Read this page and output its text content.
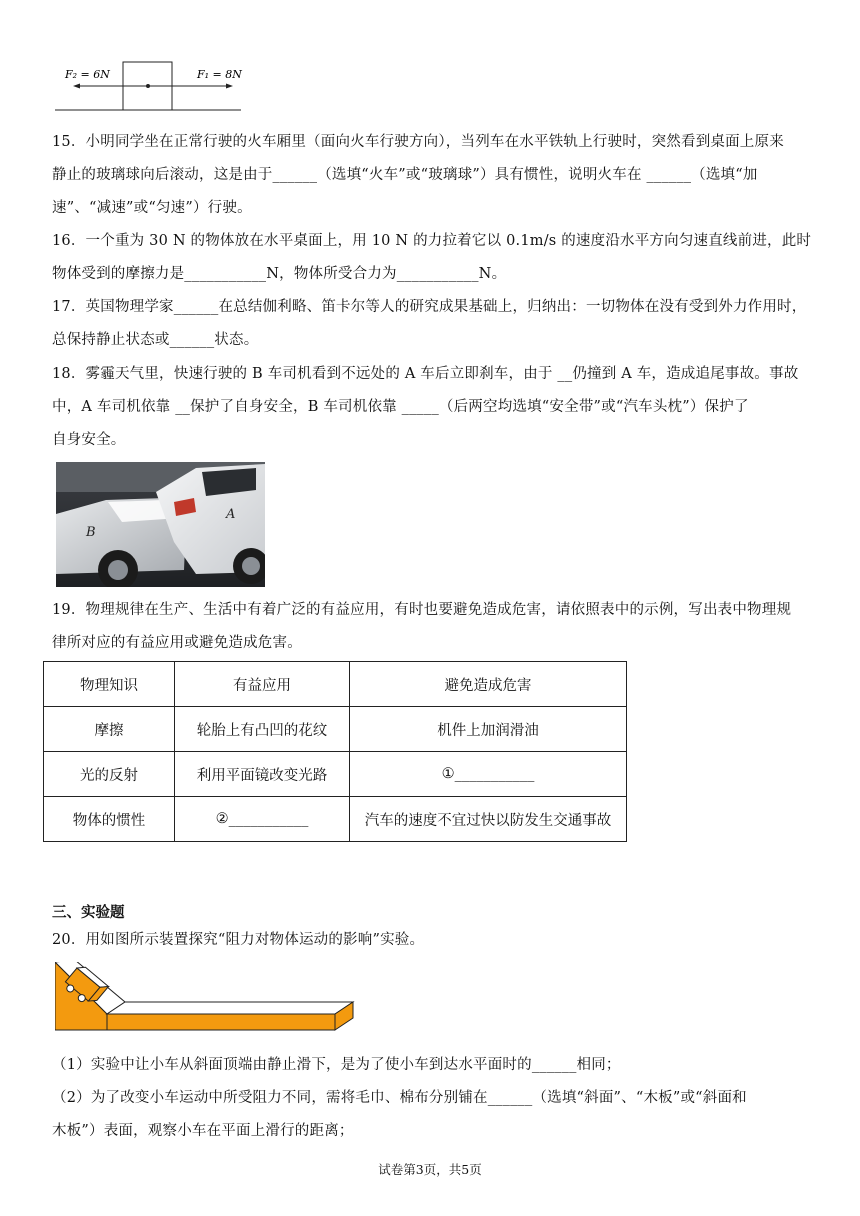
F₂ = 6N	F₁ = 8N
15．小明同学坐在正常行驶的火车厢里（面向火车行驶方向），当列车在水平铁轨上行驶时，突然看到桌面上原来
静止的玻璃球向后滚动，这是由于______（选填“火车”或“玻璃球”）具有惯性，说明火车在 ______（选填“加
速”、“减速”或“匀速”）行驶。
16．一个重为 30 N 的物体放在水平桌面上，用 10 N 的力拉着它以 0.1m/s 的速度沿水平方向匀速直线前进，此时
物体受到的摩擦力是___________N，物体所受合力为___________N。
17．英国物理学家______在总结伽利略、笛卡尔等人的研究成果基础上，归纳出：一切物体在没有受到外力作用时，
总保持静止状态或______状态。
18．雾霾天气里，快速行驶的 B 车司机看到不远处的 A 车后立即刹车，由于 __仍撞到 A 车，造成追尾事故。事故
中，A 车司机依靠 __保护了自身安全，B 车司机依靠 _____（后两空均选填“安全带”或“汽车头枕”）保护了
自身安全。
A
B
19．物理规律在生产、生活中有着广泛的有益应用，有时也要避免造成危害，请依照表中的示例，写出表中物理规
律所对应的有益应用或避免造成危害。
物理知识	有益应用	避免造成危害
摩擦	轮胎上有凸凹的花纹	机件上加润滑油
光的反射	利用平面镜改变光路	①___________
物体的惯性	②___________	汽车的速度不宜过快以防发生交通事故
三、实验题
20．用如图所示装置探究“阻力对物体运动的影响”实验。
（1）实验中让小车从斜面顶端由静止滑下，是为了使小车到达水平面时的______相同；
（2）为了改变小车运动中所受阻力不同，需将毛巾、棉布分别铺在______（选填“斜面”、“木板”或“斜面和
木板”）表面，观察小车在平面上滑行的距离；
试卷第3页，共5页
